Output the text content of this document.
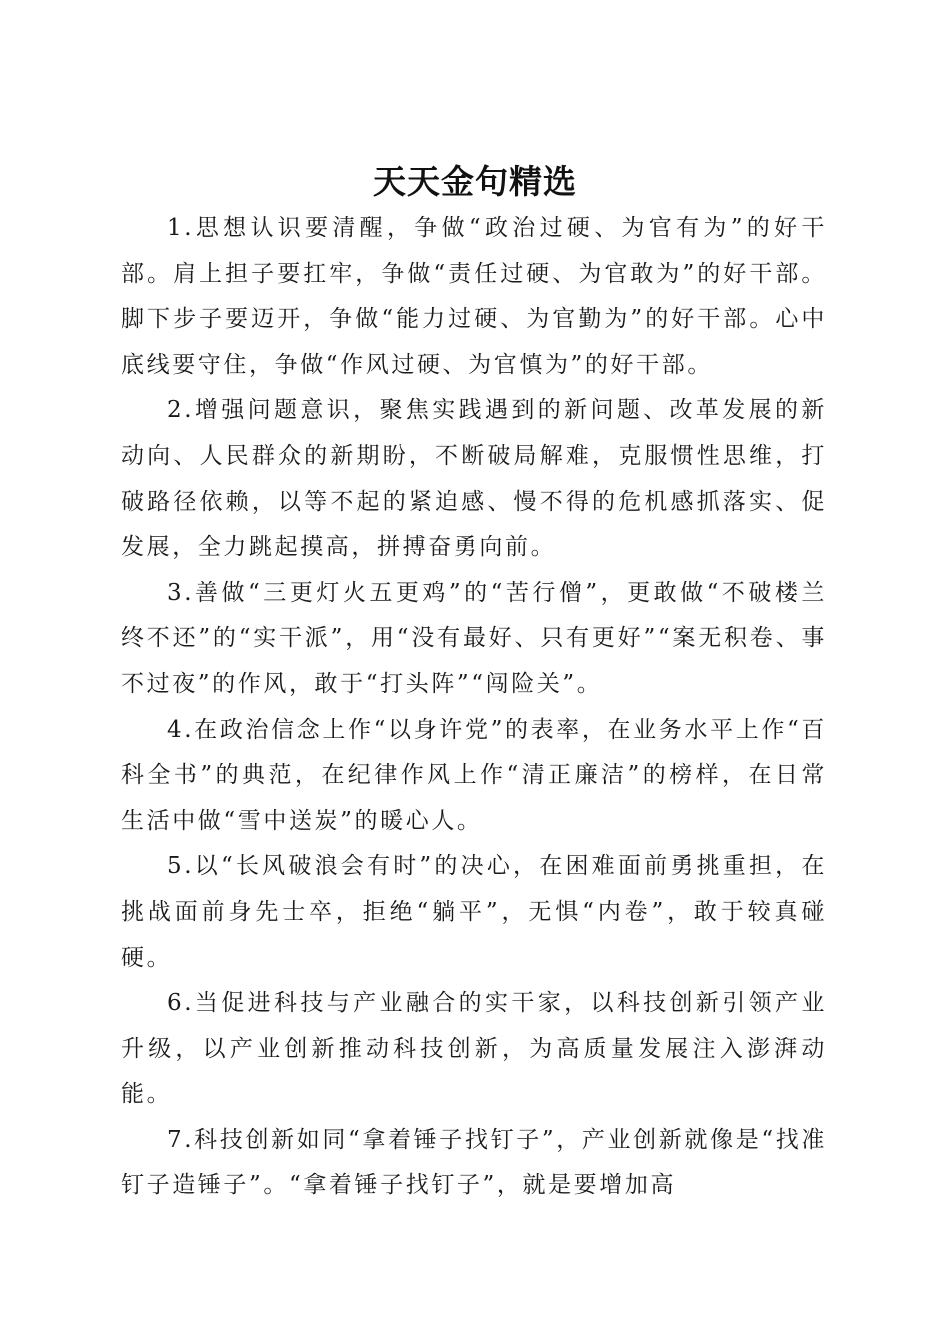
天天金句精选

1.思想认识要清醒，争做“政治过硬、为官有为”的好干部。肩上担子要扛牢，争做“责任过硬、为官敢为”的好干部。脚下步子要迈开，争做“能力过硬、为官勤为”的好干部。心中底线要守住，争做“作风过硬、为官慎为”的好干部。

2.增强问题意识，聚焦实践遇到的新问题、改革发展的新动向、人民群众的新期盼，不断破局解难，克服惯性思维，打破路径依赖，以等不起的紧迫感、慢不得的危机感抓落实、促发展，全力跳起摸高，拼搏奋勇向前。

3.善做“三更灯火五更鸡”的“苦行僧”，更敢做“不破楼兰终不还”的“实干派”，用“没有最好、只有更好”“案无积卷、事不过夜”的作风，敢于“打头阵”“闯险关”。

4.在政治信念上作“以身许党”的表率，在业务水平上作“百科全书”的典范，在纪律作风上作“清正廉洁”的榜样，在日常生活中做“雪中送炭”的暖心人。

5.以“长风破浪会有时”的决心，在困难面前勇挑重担，在挑战面前身先士卒，拒绝“躺平”，无惧“内卷”，敢于较真碰硬。

6.当促进科技与产业融合的实干家，以科技创新引领产业升级，以产业创新推动科技创新，为高质量发展注入澎湃动能。

7.科技创新如同“拿着锤子找钉子”，产业创新就像是“找准钉子造锤子”。“拿着锤子找钉子”，就是要增加高
